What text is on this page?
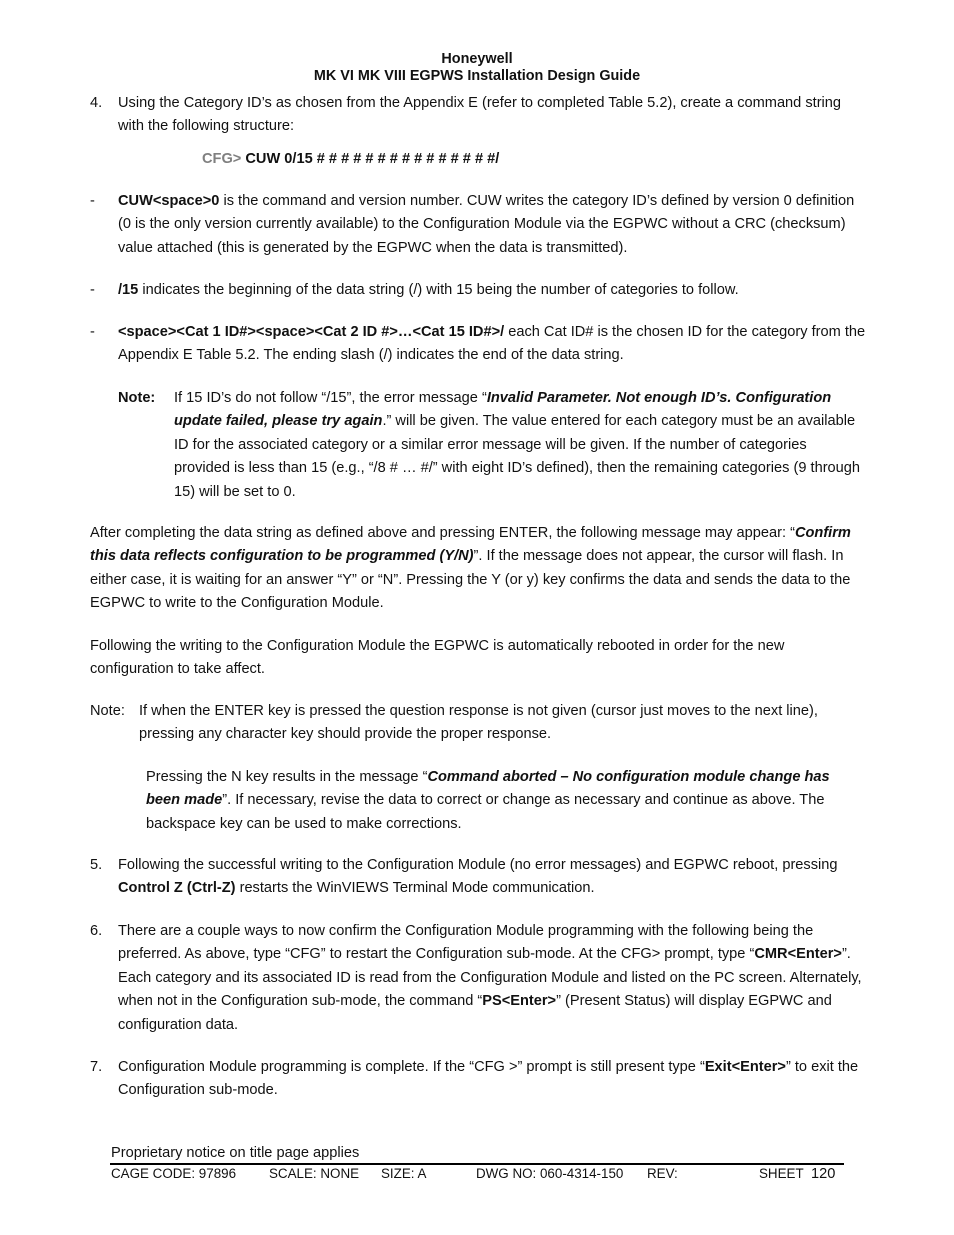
Honeywell
MK VI MK VIII EGPWS Installation Design Guide
4. Using the Category ID’s as chosen from the Appendix E (refer to completed Table 5.2), create a command string with the following structure:
CFG> CUW 0/15 # # # # # # # # # # # # # # #/
- CUW<space>0 is the command and version number. CUW writes the category ID’s defined by version 0 definition (0 is the only version currently available) to the Configuration Module via the EGPWC without a CRC (checksum) value attached (this is generated by the EGPWC when the data is transmitted).
- /15 indicates the beginning of the data string (/) with 15 being the number of categories to follow.
- <space><Cat 1 ID#><space><Cat 2 ID #>…<Cat 15 ID#>/ each Cat ID# is the chosen ID for the category from the Appendix E Table 5.2. The ending slash (/) indicates the end of the data string.
Note: If 15 ID’s do not follow “/15”, the error message “Invalid Parameter. Not enough ID’s. Configuration update failed, please try again.” will be given. The value entered for each category must be an available ID for the associated category or a similar error message will be given. If the number of categories provided is less than 15 (e.g., “/8 # … #/” with eight ID’s defined), then the remaining categories (9 through 15) will be set to 0.
After completing the data string as defined above and pressing ENTER, the following message may appear: “Confirm this data reflects configuration to be programmed (Y/N)”. If the message does not appear, the cursor will flash. In either case, it is waiting for an answer “Y” or “N”. Pressing the Y (or y) key confirms the data and sends the data to the EGPWC to write to the Configuration Module.
Following the writing to the Configuration Module the EGPWC is automatically rebooted in order for the new configuration to take affect.
Note: If when the ENTER key is pressed the question response is not given (cursor just moves to the next line), pressing any character key should provide the proper response.
Pressing the N key results in the message “Command aborted – No configuration module change has been made”. If necessary, revise the data to correct or change as necessary and continue as above. The backspace key can be used to make corrections.
5. Following the successful writing to the Configuration Module (no error messages) and EGPWC reboot, pressing Control Z (Ctrl-Z) restarts the WinVIEWS Terminal Mode communication.
6. There are a couple ways to now confirm the Configuration Module programming with the following being the preferred. As above, type “CFG” to restart the Configuration sub-mode. At the CFG> prompt, type “CMR<Enter>”. Each category and its associated ID is read from the Configuration Module and listed on the PC screen. Alternately, when not in the Configuration sub-mode, the command “PS<Enter>” (Present Status) will display EGPWC and configuration data.
7. Configuration Module programming is complete. If the “CFG >” prompt is still present type “Exit<Enter>” to exit the Configuration sub-mode.
Proprietary notice on title page applies
CAGE CODE: 97896 SCALE: NONE SIZE: A	DWG NO: 060-4314-150 REV:	SHEET 120
